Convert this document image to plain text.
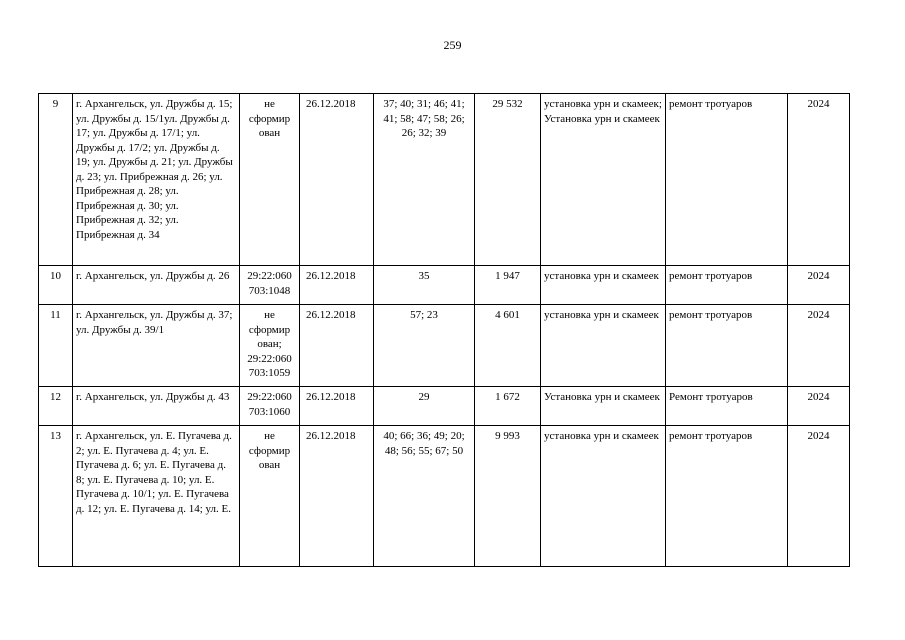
259
9	г. Архангельск, ул. Дружбы д. 15; ул. Дружбы д. 15/1ул. Дружбы д. 17; ул. Дружбы д. 17/1; ул. Дружбы д. 17/2; ул. Дружбы д. 19; ул. Дружбы д. 21; ул. Дружбы д. 23; ул. Прибрежная д. 26; ул. Прибрежная д. 28; ул. Прибрежная д. 30; ул. Прибрежная д. 32; ул. Прибрежная д. 34	не сформир ован	26.12.2018	37; 40; 31; 46; 41; 41; 58; 47; 58; 26; 26; 32; 39	29 532	установка урн и скамеек; Установка урн и скамеек	ремонт тротуаров	2024
10	г. Архангельск, ул. Дружбы д. 26	29:22:060 703:1048	26.12.2018	35	1 947	установка урн и скамеек	ремонт тротуаров	2024
11	г. Архангельск, ул. Дружбы д. 37; ул. Дружбы д. 39/1	не сформир ован; 29:22:060 703:1059	26.12.2018	57; 23	4 601	установка урн и скамеек	ремонт тротуаров	2024
12	г. Архангельск, ул. Дружбы д. 43	29:22:060 703:1060	26.12.2018	29	1 672	Установка урн и скамеек	Ремонт тротуаров	2024
13	г. Архангельск, ул. Е. Пугачева д. 2; ул. Е. Пугачева д. 4; ул. Е. Пугачева д. 6; ул. Е. Пугачева д. 8; ул. Е. Пугачева д. 10; ул. Е. Пугачева д. 10/1; ул. Е. Пугачева д. 12; ул. Е. Пугачева д. 14; ул. Е.	не сформир ован	26.12.2018	40; 66; 36; 49; 20; 48; 56; 55; 67; 50	9 993	установка урн и скамеек	ремонт тротуаров	2024
